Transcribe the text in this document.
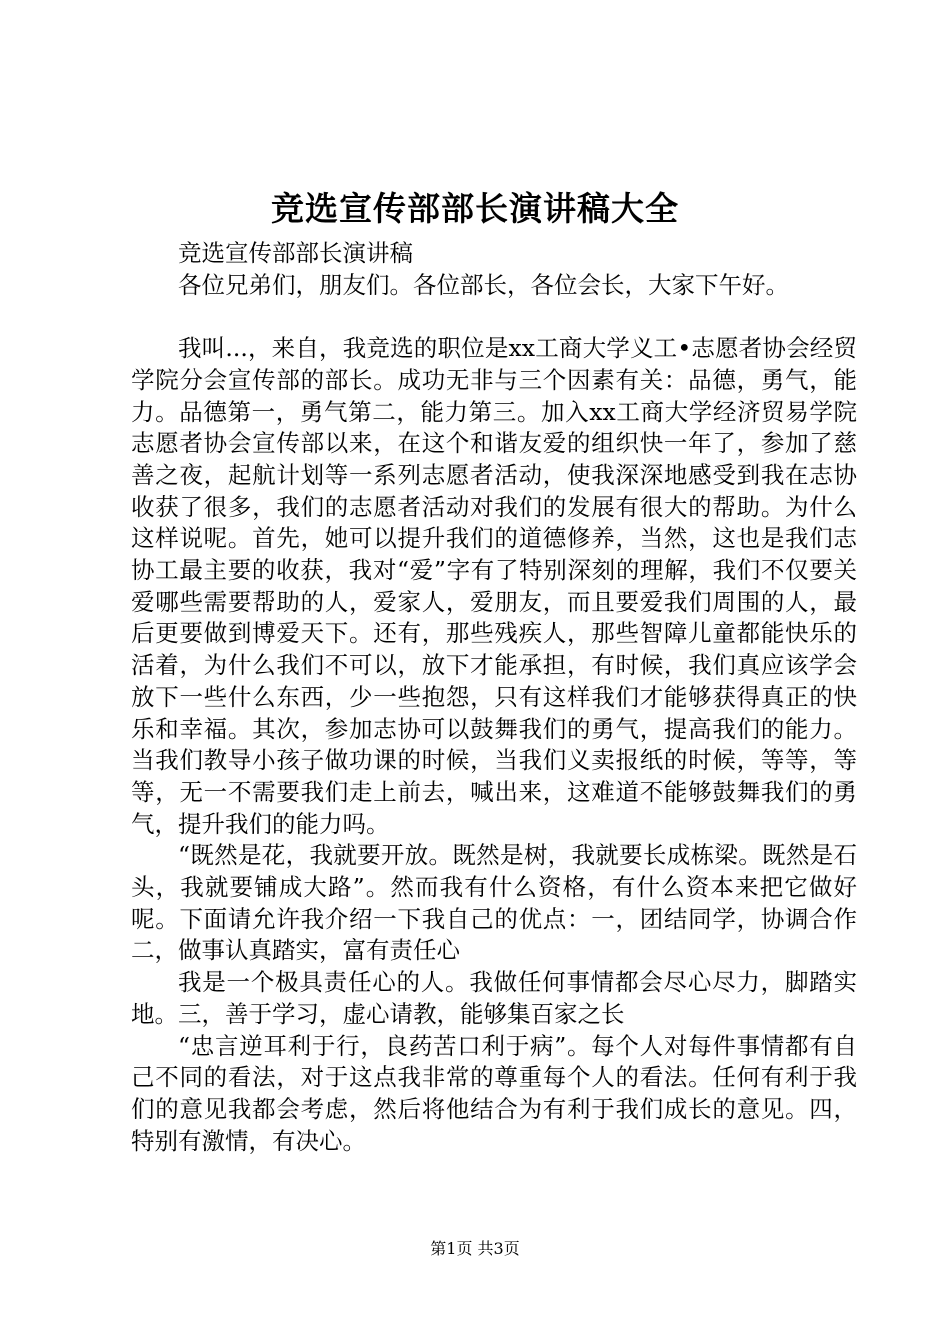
竞选宣传部部长演讲稿大全

竞选宣传部部长演讲稿

各位兄弟们，朋友们。各位部长，各位会长，大家下午好。

我叫...，来自，我竞选的职位是xx工商大学义工•志愿者协会经贸学院分会宣传部的部长。成功无非与三个因素有关：品德，勇气，能力。品德第一，勇气第二，能力第三。加入xx工商大学经济贸易学院志愿者协会宣传部以来，在这个和谐友爱的组织快一年了，参加了慈善之夜，起航计划等一系列志愿者活动，使我深深地感受到我在志协收获了很多，我们的志愿者活动对我们的发展有很大的帮助。为什么这样说呢。首先，她可以提升我们的道德修养，当然，这也是我们志协工最主要的收获，我对“爱”字有了特别深刻的理解，我们不仅要关爱哪些需要帮助的人，爱家人，爱朋友，而且要爱我们周围的人，最后更要做到博爱天下。还有，那些残疾人，那些智障儿童都能快乐的活着，为什么我们不可以，放下才能承担，有时候，我们真应该学会放下一些什么东西，少一些抱怨，只有这样我们才能够获得真正的快乐和幸福。其次，参加志协可以鼓舞我们的勇气，提高我们的能力。当我们教导小孩子做功课的时候，当我们义卖报纸的时候，等等，等等，无一不需要我们走上前去，喊出来，这难道不能够鼓舞我们的勇气，提升我们的能力吗。

“既然是花，我就要开放。既然是树，我就要长成栋梁。既然是石头，我就要铺成大路”。然而我有什么资格，有什么资本来把它做好呢。下面请允许我介绍一下我自己的优点：一，团结同学，协调合作二，做事认真踏实，富有责任心

我是一个极具责任心的人。我做任何事情都会尽心尽力，脚踏实地。三，善于学习，虚心请教，能够集百家之长

“忠言逆耳利于行，良药苦口利于病”。每个人对每件事情都有自己不同的看法，对于这点我非常的尊重每个人的看法。任何有利于我们的意见我都会考虑，然后将他结合为有利于我们成长的意见。四，特别有激情，有决心。

第1页 共3页
